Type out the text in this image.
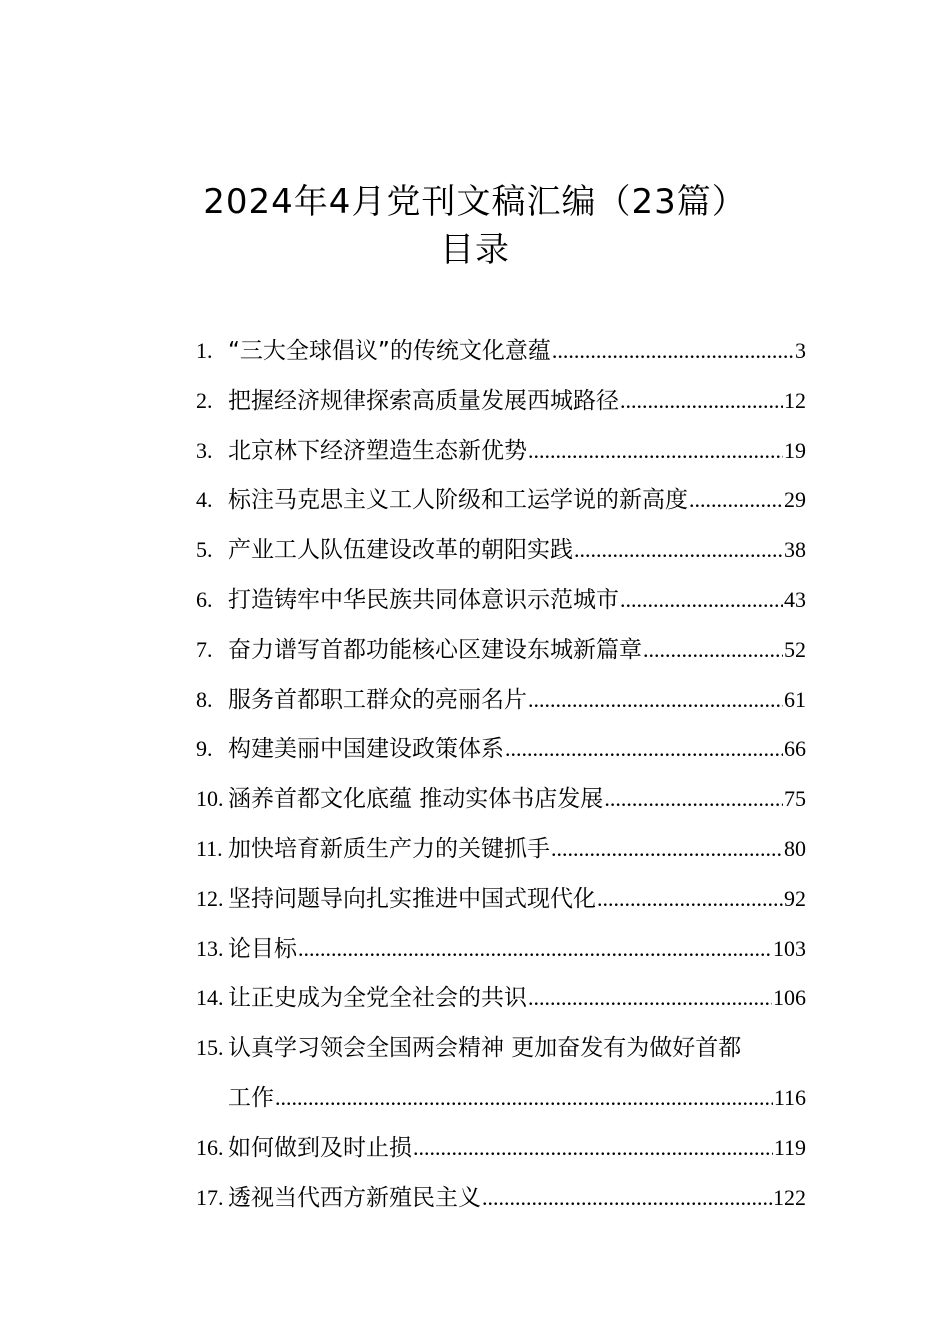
2024年4月党刊文稿汇编（23篇）
目录
1. “三大全球倡议”的传统文化意蕴 .....	3
2. 把握经济规律探索高质量发展西城路径 .....	12
3. 北京林下经济塑造生态新优势 .....	19
4. 标注马克思主义工人阶级和工运学说的新高度 .....	29
5. 产业工人队伍建设改革的朝阳实践 .....	38
6. 打造铸牢中华民族共同体意识示范城市 .....	43
7. 奋力谱写首都功能核心区建设东城新篇章 .....	52
8. 服务首都职工群众的亮丽名片 .....	61
9. 构建美丽中国建设政策体系 .....	66
10. 涵养首都文化底蕴 推动实体书店发展 .....	75
11. 加快培育新质生产力的关键抓手 .....	80
12. 坚持问题导向扎实推进中国式现代化 .....	92
13. 论目标 .....	103
14. 让正史成为全党全社会的共识 .....	106
15. 认真学习领会全国两会精神 更加奋发有为做好首都
工作 .....	116
16. 如何做到及时止损 .....	119
17. 透视当代西方新殖民主义 .....	122
